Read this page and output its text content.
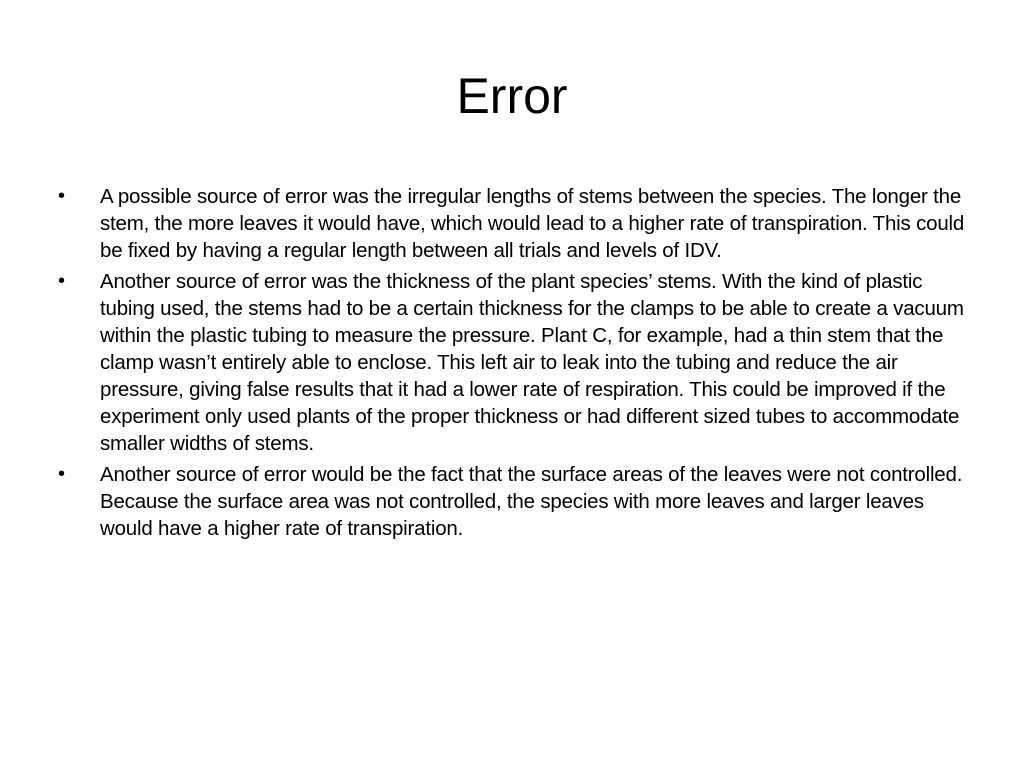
Error
•	A possible source of error was the irregular lengths of stems between the species. The longer the stem, the more leaves it would have, which would lead to a higher rate of transpiration. This could be fixed by having a regular length between all trials and levels of IDV.
•	Another source of error was the thickness of the plant species’ stems. With the kind of plastic tubing used, the stems had to be a certain thickness for the clamps to be able to create a vacuum within the plastic tubing to measure the pressure. Plant C, for example, had a thin stem that the clamp wasn’t entirely able to enclose. This left air to leak into the tubing and reduce the air pressure, giving false results that it had a lower rate of respiration. This could be improved if the experiment only used plants of the proper thickness or had different sized tubes to accommodate smaller widths of stems.
•	Another source of error would be the fact that the surface areas of the leaves were not controlled. Because the surface area was not controlled, the species with more leaves and larger leaves would have a higher rate of transpiration.
